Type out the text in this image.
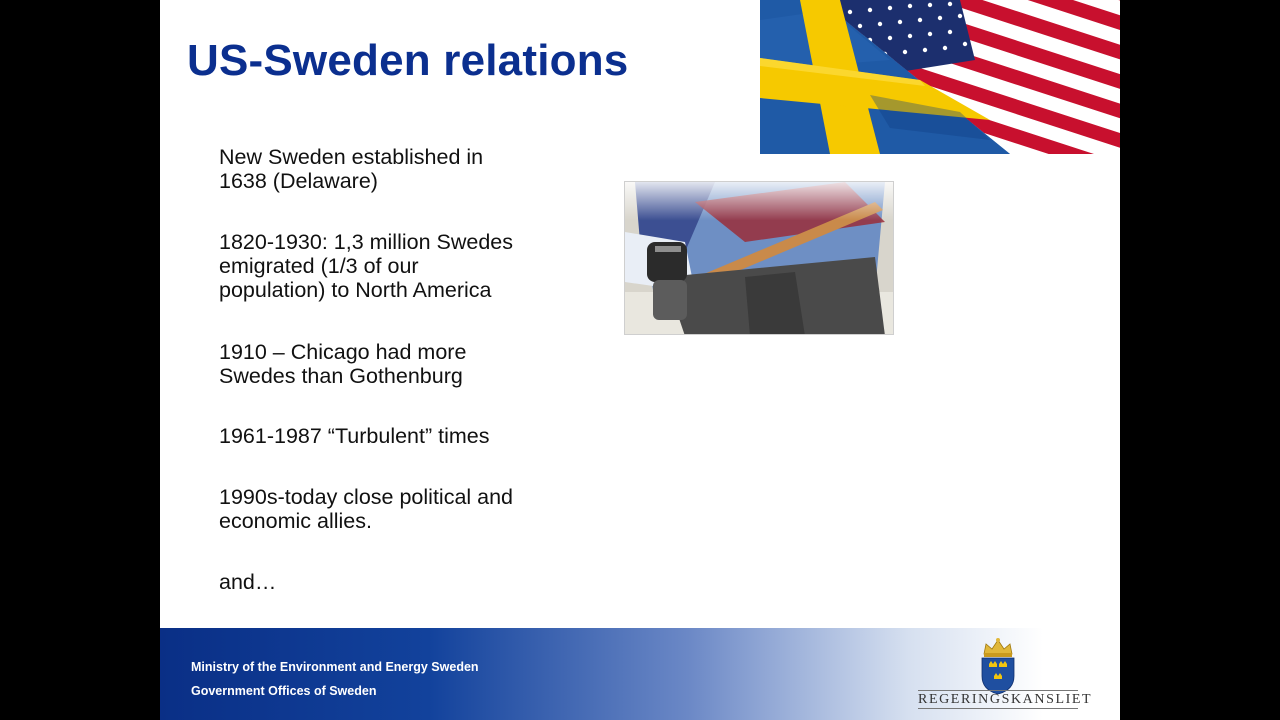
US-Sweden relations
New Sweden established in
1638 (Delaware)
1820-1930: 1,3 million Swedes
emigrated (1/3 of our
population) to North America
1910 – Chicago had more
Swedes than Gothenburg
1961-1987 “Turbulent” times
1990s-today close political and
economic allies.
and…
Ministry of the Environment and Energy Sweden
Government Offices of Sweden
REGERINGSKANSLIET
